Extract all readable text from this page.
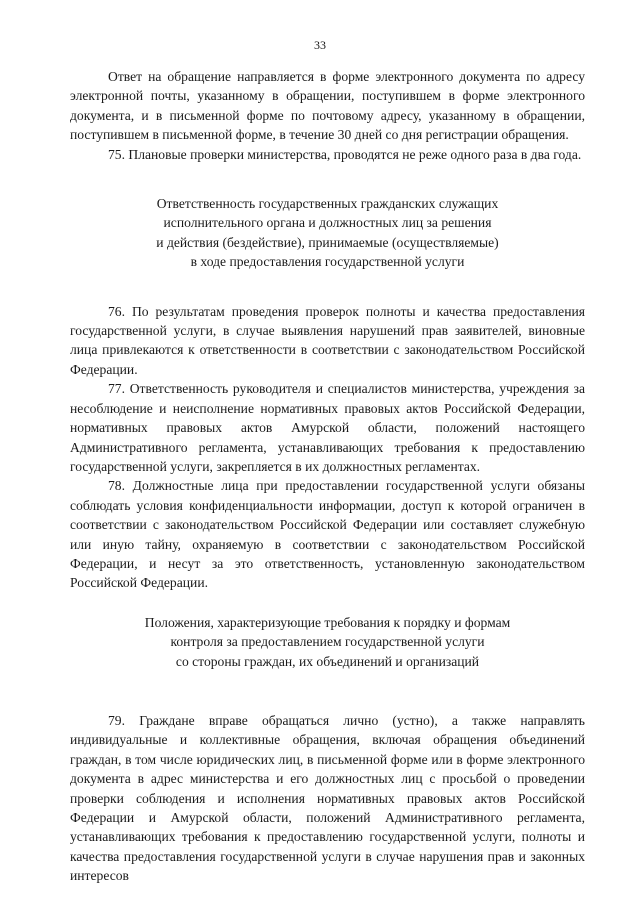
33

Ответ на обращение направляется в форме электронного документа по адресу электронной почты, указанному в обращении, поступившем в форме электронного документа, и в письменной форме по почтовому адресу, указанному в обращении, поступившем в письменной форме, в течение 30 дней со дня регистрации обращения.

75. Плановые проверки министерства, проводятся не реже одного раза в два года.

Ответственность государственных гражданских служащих
исполнительного органа и должностных лиц за решения
и действия (бездействие), принимаемые (осуществляемые)
в ходе предоставления государственной услуги

76. По результатам проведения проверок полноты и качества предоставления государственной услуги, в случае выявления нарушений прав заявителей, виновные лица привлекаются к ответственности в соответствии с законодательством Российской Федерации.

77. Ответственность руководителя и специалистов министерства, учреждения за несоблюдение и неисполнение нормативных правовых актов Российской Федерации, нормативных правовых актов Амурской области, положений настоящего Административного регламента, устанавливающих требования к предоставлению государственной услуги, закрепляется в их должностных регламентах.

78. Должностные лица при предоставлении государственной услуги обязаны соблюдать условия конфиденциальности информации, доступ к которой ограничен в соответствии с законодательством Российской Федерации или составляет служебную или иную тайну, охраняемую в соответствии с законодательством Российской Федерации, и несут за это ответственность, установленную законодательством Российской Федерации.

Положения, характеризующие требования к порядку и формам
контроля за предоставлением государственной услуги
со стороны граждан, их объединений и организаций

79. Граждане вправе обращаться лично (устно), а также направлять индивидуальные и коллективные обращения, включая обращения объединений граждан, в том числе юридических лиц, в письменной форме или в форме электронного документа в адрес министерства и его должностных лиц с просьбой о проведении проверки соблюдения и исполнения нормативных правовых актов Российской Федерации и Амурской области, положений Административного регламента, устанавливающих требования к предоставлению государственной услуги, полноты и качества предоставления государственной услуги в случае нарушения прав и законных интересов
